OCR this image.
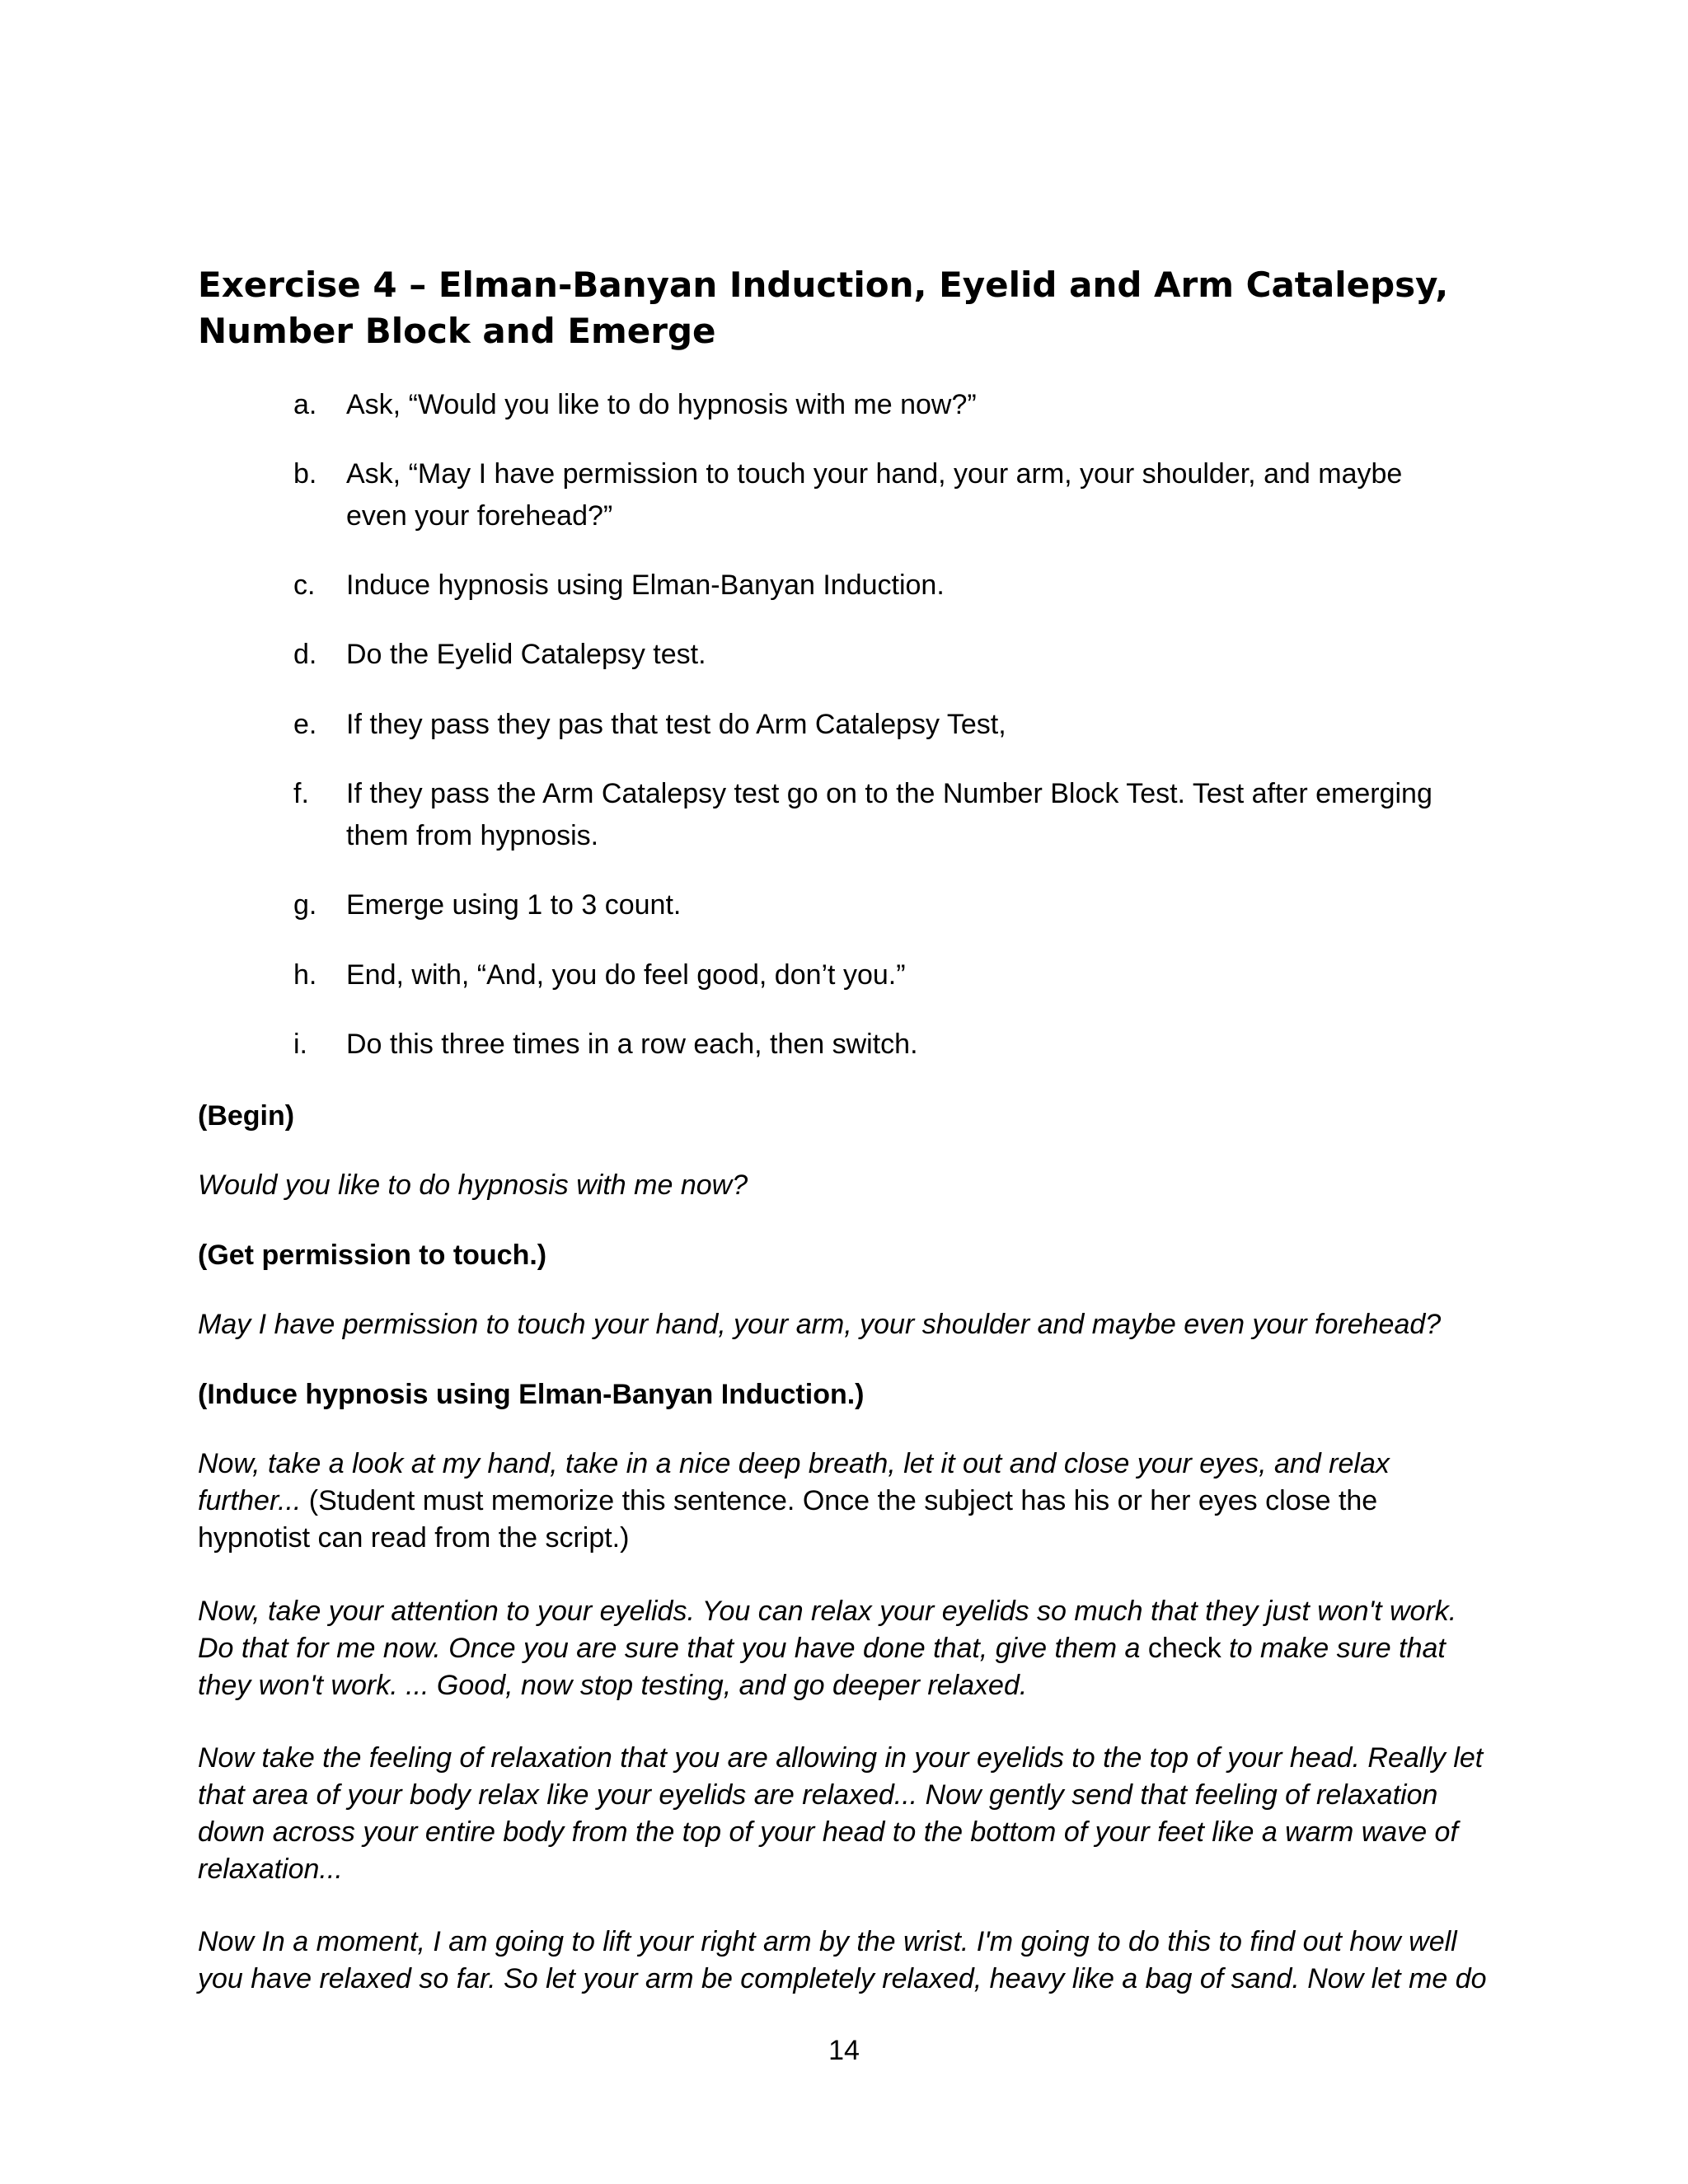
Exercise 4 – Elman-Banyan Induction, Eyelid and Arm Catalepsy, Number Block and Emerge
a.	Ask, “Would you like to do hypnosis with me now?”
b.	Ask, “May I have permission to touch your hand, your arm, your shoulder, and maybe even your forehead?”
c.	Induce hypnosis using Elman-Banyan Induction.
d.	Do the Eyelid Catalepsy test.
e.	If they pass they pas that test do Arm Catalepsy Test,
f.	If they pass the Arm Catalepsy test go on to the Number Block Test. Test after emerging them from hypnosis.
g.	Emerge using 1 to 3 count.
h.	End, with, “And, you do feel good, don’t you.”
i.	Do this three times in a row each, then switch.

(Begin)

Would you like to do hypnosis with me now?

(Get permission to touch.)

May I have permission to touch your hand, your arm, your shoulder and maybe even your forehead?

(Induce hypnosis using Elman-Banyan Induction.)

Now, take a look at my hand, take in a nice deep breath, let it out and close your eyes, and relax further... (Student must memorize this sentence. Once the subject has his or her eyes close the hypnotist can read from the script.)

Now, take your attention to your eyelids. You can relax your eyelids so much that they just won't work. Do that for me now. Once you are sure that you have done that, give them a check to make sure that they won't work. ... Good, now stop testing, and go deeper relaxed.

Now take the feeling of relaxation that you are allowing in your eyelids to the top of your head. Really let that area of your body relax like your eyelids are relaxed... Now gently send that feeling of relaxation down across your entire body from the top of your head to the bottom of your feet like a warm wave of relaxation...

Now In a moment, I am going to lift your right arm by the wrist. I'm going to do this to find out how well you have relaxed so far. So let your arm be completely relaxed, heavy like a bag of sand. Now let me do

14
